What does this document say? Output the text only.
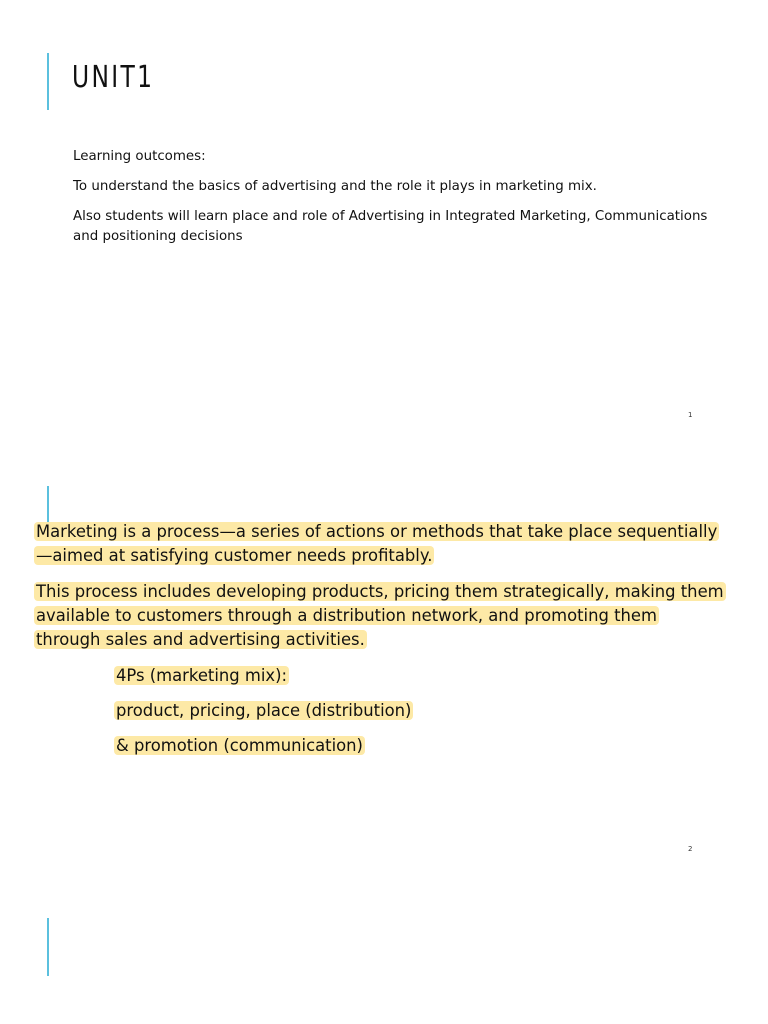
UNIT1

Learning outcomes:

To understand the basics of advertising and the role it plays in marketing mix.

Also students will learn place and role of Advertising in Integrated Marketing, Communications and positioning decisions

1

Marketing is a process—a series of actions or methods that take place sequentially—aimed at satisfying customer needs profitably.

This process includes developing products, pricing them strategically, making them available to customers through a distribution network, and promoting them through sales and advertising activities.

4Ps (marketing mix):

product, pricing, place (distribution)

& promotion (communication)

2
